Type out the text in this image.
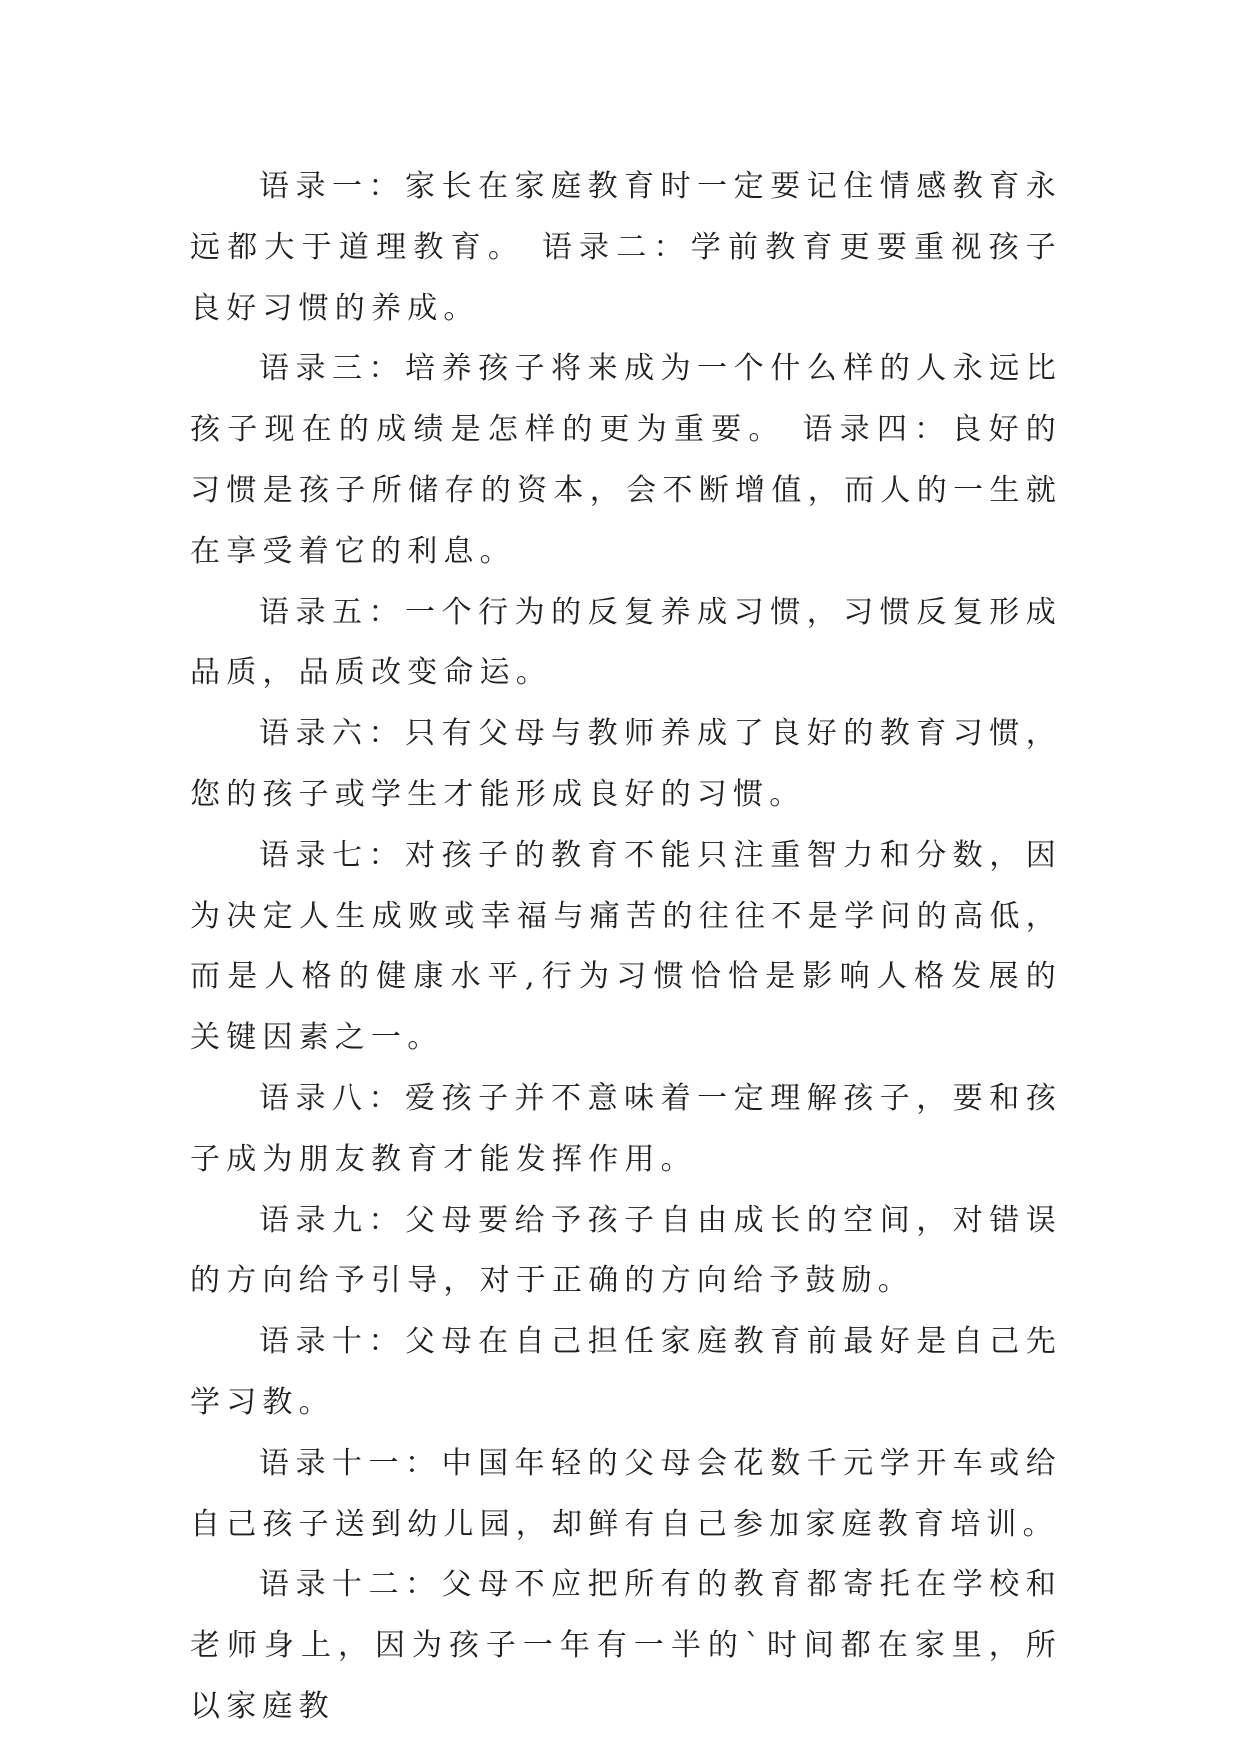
语录一：家长在家庭教育时一定要记住情感教育永远都大于道理教育。 语录二：学前教育更要重视孩子良好习惯的养成。

语录三：培养孩子将来成为一个什么样的人永远比孩子现在的成绩是怎样的更为重要。 语录四：良好的习惯是孩子所储存的资本，会不断增值，而人的一生就在享受着它的利息。

语录五：一个行为的反复养成习惯，习惯反复形成品质，品质改变命运。

语录六：只有父母与教师养成了良好的教育习惯，您的孩子或学生才能形成良好的习惯。

语录七：对孩子的教育不能只注重智力和分数，因为决定人生成败或幸福与痛苦的往往不是学问的高低，而是人格的健康水平,行为习惯恰恰是影响人格发展的关键因素之一。

语录八：爱孩子并不意味着一定理解孩子，要和孩子成为朋友教育才能发挥作用。

语录九：父母要给予孩子自由成长的空间，对错误的方向给予引导，对于正确的方向给予鼓励。

语录十：父母在自己担任家庭教育前最好是自己先学习教。

语录十一：中国年轻的父母会花数千元学开车或给自己孩子送到幼儿园，却鲜有自己参加家庭教育培训。

语录十二：父母不应把所有的教育都寄托在学校和老师身上，因为孩子一年有一半的`时间都在家里，所以家庭教
